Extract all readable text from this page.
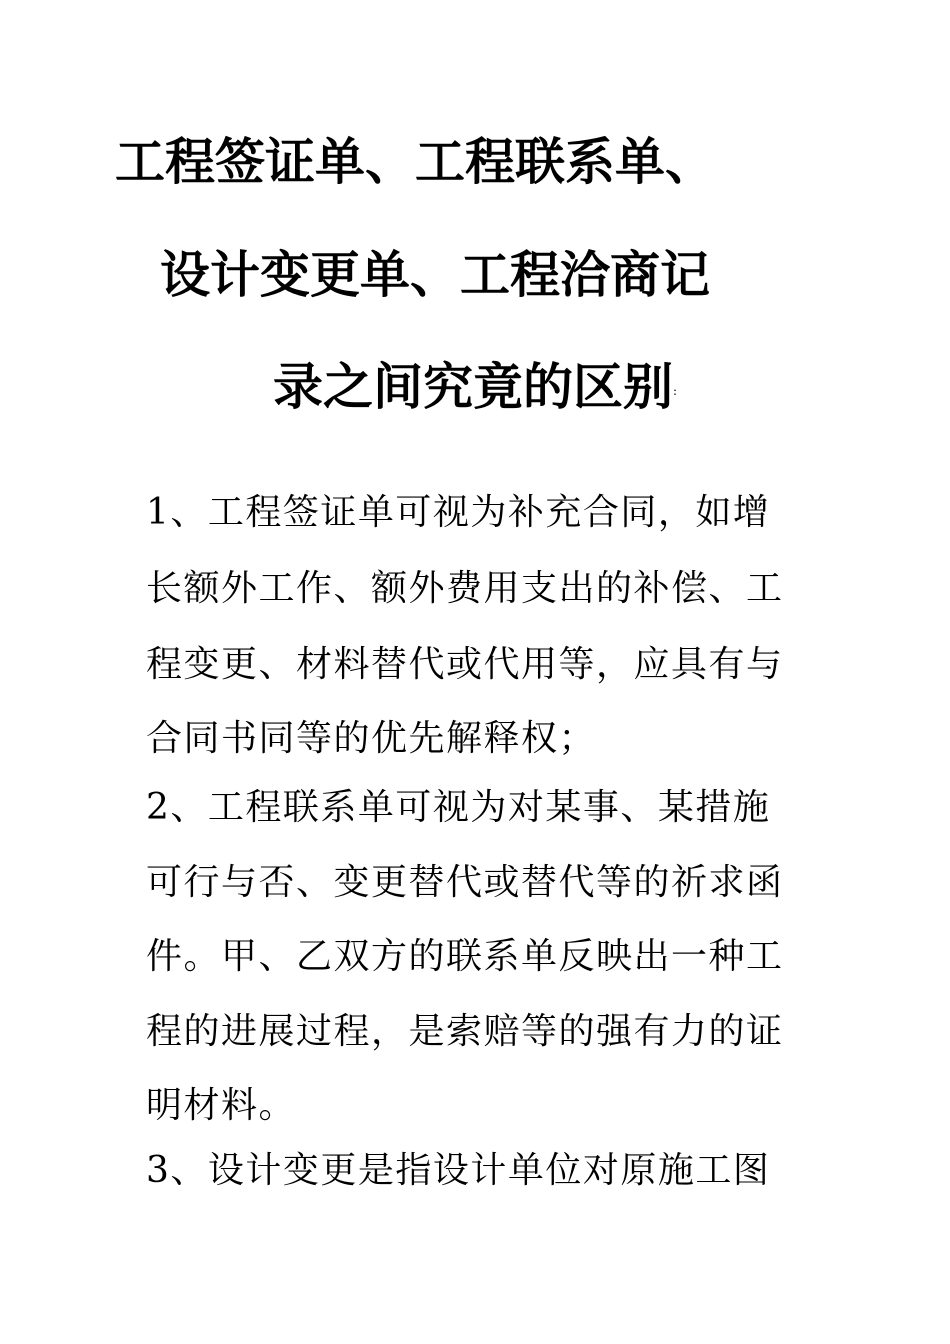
工程签证单、工程联系单、
设计变更单、工程洽商记
录之间究竟的区别:
1、工程签证单可视为补充合同，如增
长额外工作、额外费用支出的补偿、工
程变更、材料替代或代用等，应具有与
合同书同等的优先解释权；
2、工程联系单可视为对某事、某措施
可行与否、变更替代或替代等的祈求函
件。甲、乙双方的联系单反映出一种工
程的进展过程，是索赔等的强有力的证
明材料。
3、设计变更是指设计单位对原施工图
